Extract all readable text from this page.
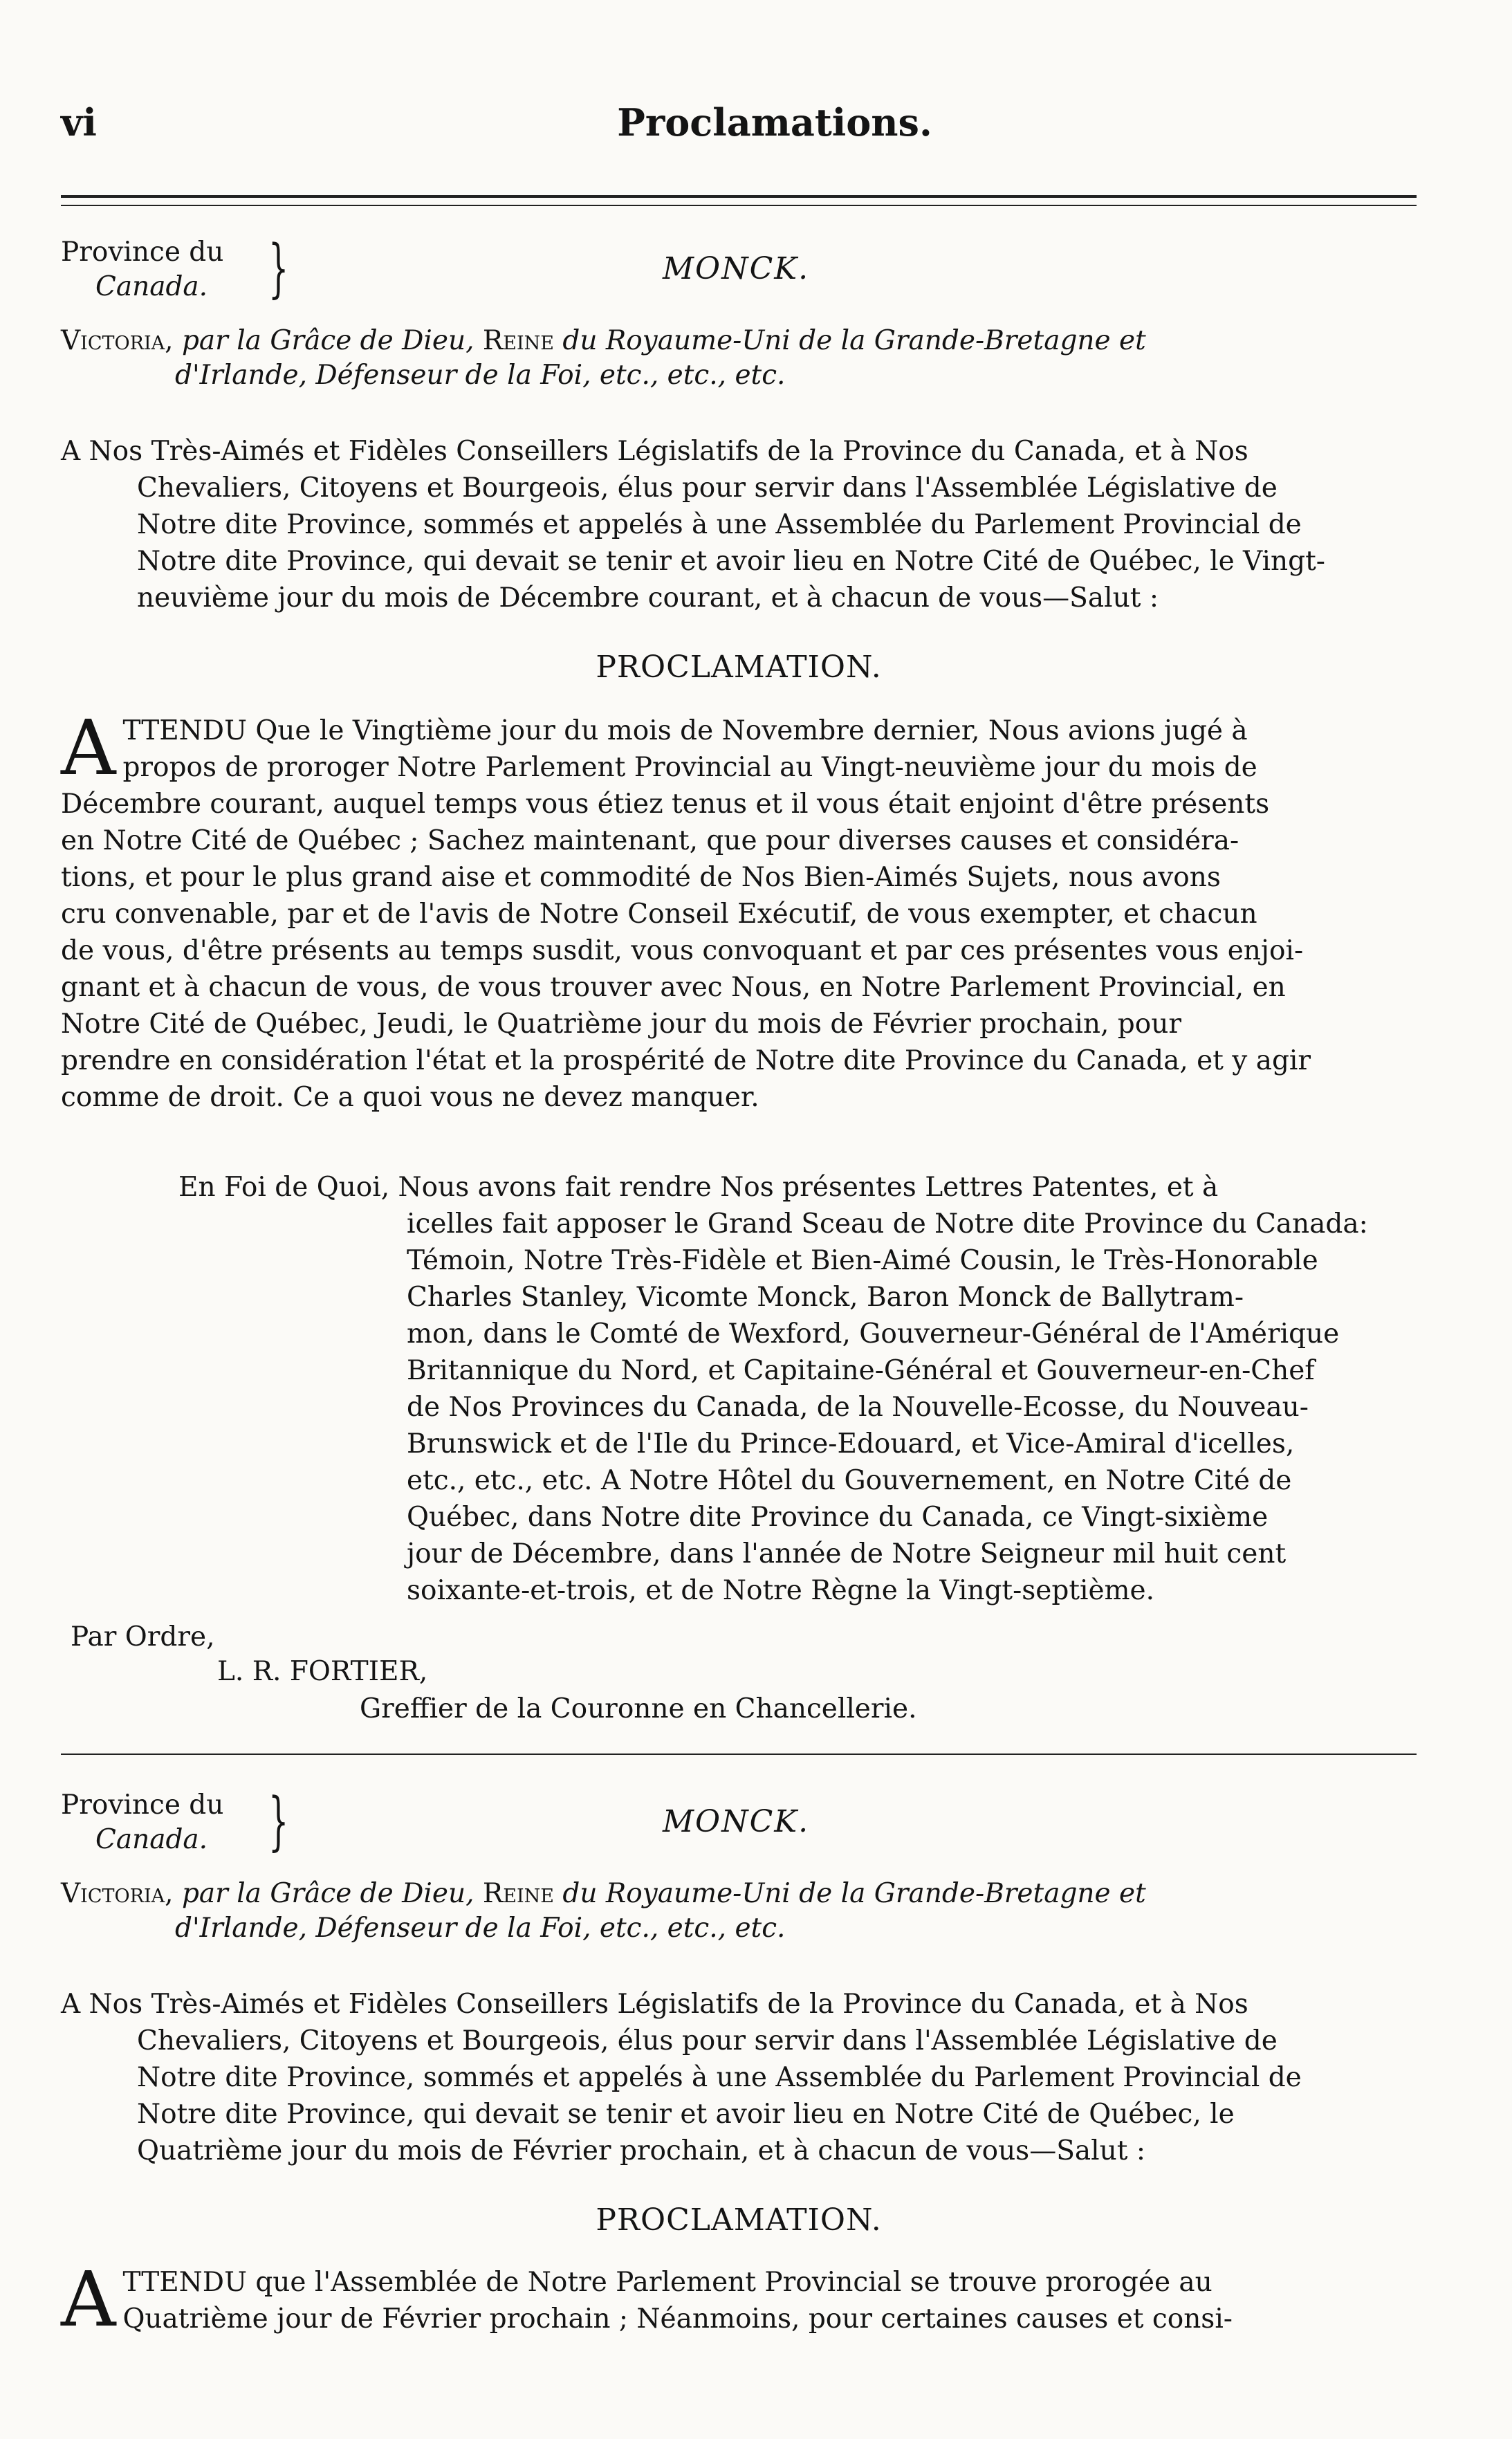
vi	Proclamations.
Province du
Canada. }	MONCK.
Victoria, par la Grâce de Dieu, Reine du Royaume-Uni de la Grande-Bretagne et
d'Irlande, Défenseur de la Foi, etc., etc., etc.
A Nos Très-Aimés et Fidèles Conseillers Législatifs de la Province du Canada, et à Nos
Chevaliers, Citoyens et Bourgeois, élus pour servir dans l'Assemblée Législative de
Notre dite Province, sommés et appelés à une Assemblée du Parlement Provincial de
Notre dite Province, qui devait se tenir et avoir lieu en Notre Cité de Québec, le Vingt-
neuvième jour du mois de Décembre courant, et à chacun de vous—Salut :
PROCLAMATION.
A TTENDU Que le Vingtième jour du mois de Novembre dernier, Nous avions jugé à
propos de proroger Notre Parlement Provincial au Vingt-neuvième jour du mois de
Décembre courant, auquel temps vous étiez tenus et il vous était enjoint d'être présents
en Notre Cité de Québec ; Sachez maintenant, que pour diverses causes et considéra-
tions, et pour le plus grand aise et commodité de Nos Bien-Aimés Sujets, nous avons
cru convenable, par et de l'avis de Notre Conseil Exécutif, de vous exempter, et chacun
de vous, d'être présents au temps susdit, vous convoquant et par ces présentes vous enjoi-
gnant et à chacun de vous, de vous trouver avec Nous, en Notre Parlement Provincial, en
Notre Cité de Québec, Jeudi, le Quatrième jour du mois de Février prochain, pour
prendre en considération l'état et la prospérité de Notre dite Province du Canada, et y agir
comme de droit. Ce a quoi vous ne devez manquer.
En Foi de Quoi, Nous avons fait rendre Nos présentes Lettres Patentes, et à
icelles fait apposer le Grand Sceau de Notre dite Province du Canada:
Témoin, Notre Très-Fidèle et Bien-Aimé Cousin, le Très-Honorable
Charles Stanley, Vicomte Monck, Baron Monck de Ballytram-
mon, dans le Comté de Wexford, Gouverneur-Général de l'Amérique
Britannique du Nord, et Capitaine-Général et Gouverneur-en-Chef
de Nos Provinces du Canada, de la Nouvelle-Ecosse, du Nouveau-
Brunswick et de l'Ile du Prince-Edouard, et Vice-Amiral d'icelles,
etc., etc., etc. A Notre Hôtel du Gouvernement, en Notre Cité de
Québec, dans Notre dite Province du Canada, ce Vingt-sixième
jour de Décembre, dans l'année de Notre Seigneur mil huit cent
soixante-et-trois, et de Notre Règne la Vingt-septième.
Par Ordre,
L. R. FORTIER,
Greffier de la Couronne en Chancellerie.
Province du
Canada. }	MONCK.
Victoria, par la Grâce de Dieu, Reine du Royaume-Uni de la Grande-Bretagne et
d'Irlande, Défenseur de la Foi, etc., etc., etc.
A Nos Très-Aimés et Fidèles Conseillers Législatifs de la Province du Canada, et à Nos
Chevaliers, Citoyens et Bourgeois, élus pour servir dans l'Assemblée Législative de
Notre dite Province, sommés et appelés à une Assemblée du Parlement Provincial de
Notre dite Province, qui devait se tenir et avoir lieu en Notre Cité de Québec, le
Quatrième jour du mois de Février prochain, et à chacun de vous—Salut :
PROCLAMATION.
A TTENDU que l'Assemblée de Notre Parlement Provincial se trouve prorogée au
Quatrième jour de Février prochain ; Néanmoins, pour certaines causes et consi-
